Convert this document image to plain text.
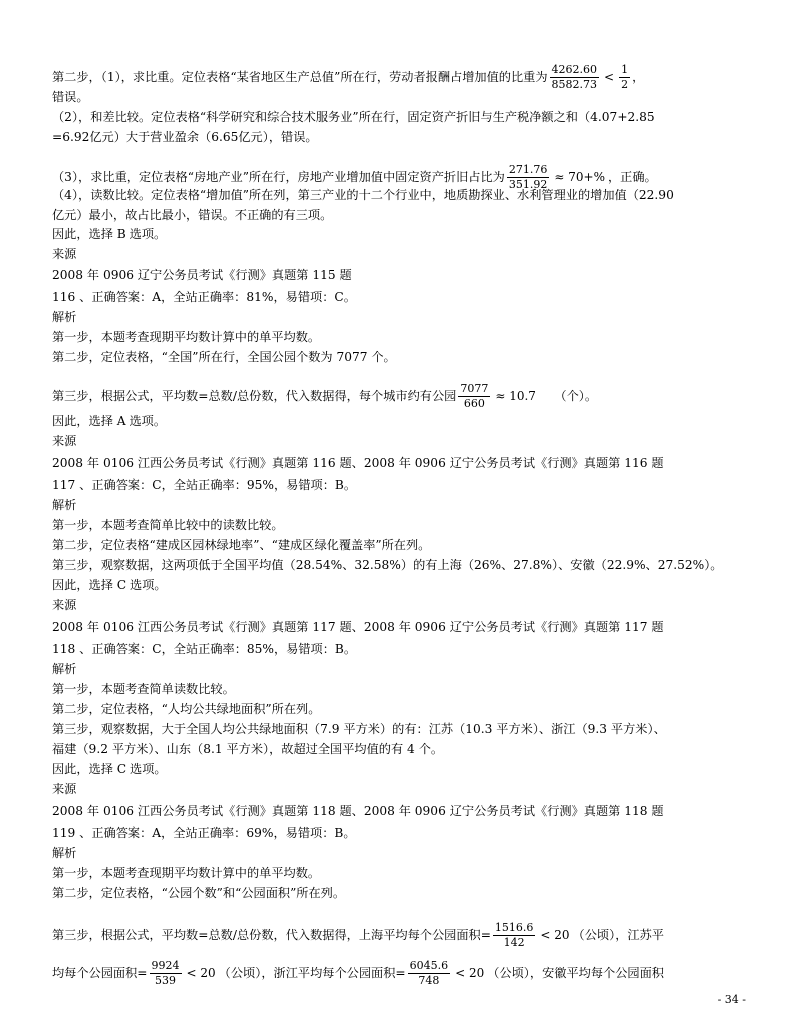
第二步，（1），求比重。定位表格“某省地区生产总值”所在行，劳动者报酬占增加值的比重为 $\frac{4262.60}{8582.73} < \frac{1}{2}$ ，
错误。
（2），和差比较。定位表格“科学研究和综合技术服务业”所在行，固定资产折旧与生产税净额之和（4.07+2.85
=6.92亿元）大于营业盈余（6.65亿元），错误。
（3），求比重，定位表格“房地产业”所在行，房地产业增加值中固定资产折旧占比为 $\frac{271.76}{351.92} \approx 70+\%$ ，正确。
（4），读数比较。定位表格“增加值”所在列，第三产业的十二个行业中，地质勘探业、水利管理业的增加值（22.90
亿元）最小，故占比最小，错误。不正确的有三项。
因此，选择 B 选项。
来源
2008 年 0906 辽宁公务员考试《行测》真题第 115 题
116 、正确答案：A，全站正确率：81%，易错项：C。
解析
第一步，本题考查现期平均数计算中的单平均数。
第二步，定位表格，“全国”所在行，全国公园个数为 7077 个。
第三步，根据公式，平均数=总数/总份数，代入数据得，每个城市约有公园 $\frac{7077}{660} \approx 10.7$ （个）。
因此，选择 A 选项。
来源
2008 年 0106 江西公务员考试《行测》真题第 116 题、2008 年 0906 辽宁公务员考试《行测》真题第 116 题
117 、正确答案：C，全站正确率：95%，易错项：B。
解析
第一步，本题考查简单比较中的读数比较。
第二步，定位表格“建成区园林绿地率”、“建成区绿化覆盖率”所在列。
第三步，观察数据，这两项低于全国平均值（28.54%、32.58%）的有上海（26%、27.8%）、安徽（22.9%、27.52%）。
因此，选择 C 选项。
来源
2008 年 0106 江西公务员考试《行测》真题第 117 题、2008 年 0906 辽宁公务员考试《行测》真题第 117 题
118 、正确答案：C，全站正确率：85%，易错项：B。
解析
第一步，本题考查简单读数比较。
第二步，定位表格，“人均公共绿地面积”所在列。
第三步，观察数据，大于全国人均公共绿地面积（7.9 平方米）的有：江苏（10.3 平方米）、浙江（9.3 平方米）、
福建（9.2 平方米）、山东（8.1 平方米），故超过全国平均值的有 4 个。
因此，选择 C 选项。
来源
2008 年 0106 江西公务员考试《行测》真题第 118 题、2008 年 0906 辽宁公务员考试《行测》真题第 118 题
119 、正确答案：A，全站正确率：69%，易错项：B。
解析
第一步，本题考查现期平均数计算中的单平均数。
第二步，定位表格，“公园个数”和“公园面积”所在列。
第三步，根据公式，平均数=总数/总份数，代入数据得，上海平均每个公园面积= $\frac{1516.6}{142} < 20$ （公顷），江苏平
均每个公园面积= $\frac{9924}{539} < 20$ （公顷），浙江平均每个公园面积= $\frac{6045.6}{748} < 20$ （公顷），安徽平均每个公园面积
- 34 -
